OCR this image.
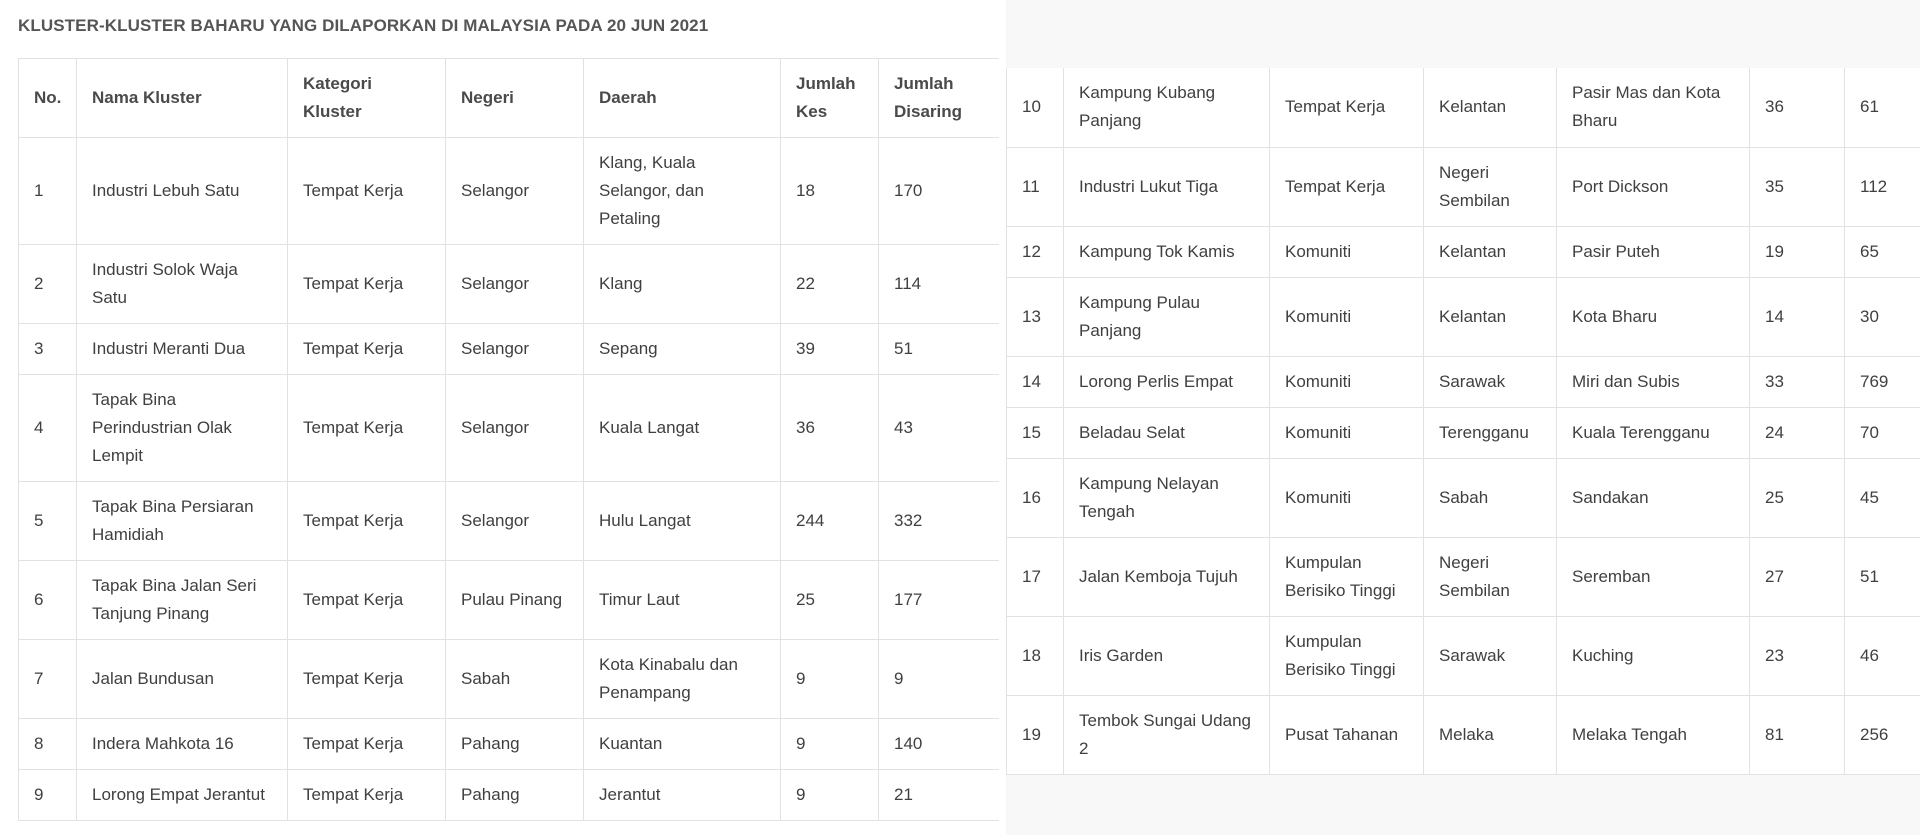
KLUSTER-KLUSTER BAHARU YANG DILAPORKAN DI MALAYSIA PADA 20 JUN 2021
No.	Nama Kluster	Kategori Kluster	Negeri	Daerah	Jumlah Kes	Jumlah Disaring
1	Industri Lebuh Satu	Tempat Kerja	Selangor	Klang, Kuala Selangor, dan Petaling	18	170
2	Industri Solok Waja Satu	Tempat Kerja	Selangor	Klang	22	114
3	Industri Meranti Dua	Tempat Kerja	Selangor	Sepang	39	51
4	Tapak Bina Perindustrian Olak Lempit	Tempat Kerja	Selangor	Kuala Langat	36	43
5	Tapak Bina Persiaran Hamidiah	Tempat Kerja	Selangor	Hulu Langat	244	332
6	Tapak Bina Jalan Seri Tanjung Pinang	Tempat Kerja	Pulau Pinang	Timur Laut	25	177
7	Jalan Bundusan	Tempat Kerja	Sabah	Kota Kinabalu dan Penampang	9	9
8	Indera Mahkota 16	Tempat Kerja	Pahang	Kuantan	9	140
9	Lorong Empat Jerantut	Tempat Kerja	Pahang	Jerantut	9	21
10	Kampung Kubang Panjang	Tempat Kerja	Kelantan	Pasir Mas dan Kota Bharu	36	61
11	Industri Lukut Tiga	Tempat Kerja	Negeri Sembilan	Port Dickson	35	112
12	Kampung Tok Kamis	Komuniti	Kelantan	Pasir Puteh	19	65
13	Kampung Pulau Panjang	Komuniti	Kelantan	Kota Bharu	14	30
14	Lorong Perlis Empat	Komuniti	Sarawak	Miri dan Subis	33	769
15	Beladau Selat	Komuniti	Terengganu	Kuala Terengganu	24	70
16	Kampung Nelayan Tengah	Komuniti	Sabah	Sandakan	25	45
17	Jalan Kemboja Tujuh	Kumpulan Berisiko Tinggi	Negeri Sembilan	Seremban	27	51
18	Iris Garden	Kumpulan Berisiko Tinggi	Sarawak	Kuching	23	46
19	Tembok Sungai Udang 2	Pusat Tahanan	Melaka	Melaka Tengah	81	256
